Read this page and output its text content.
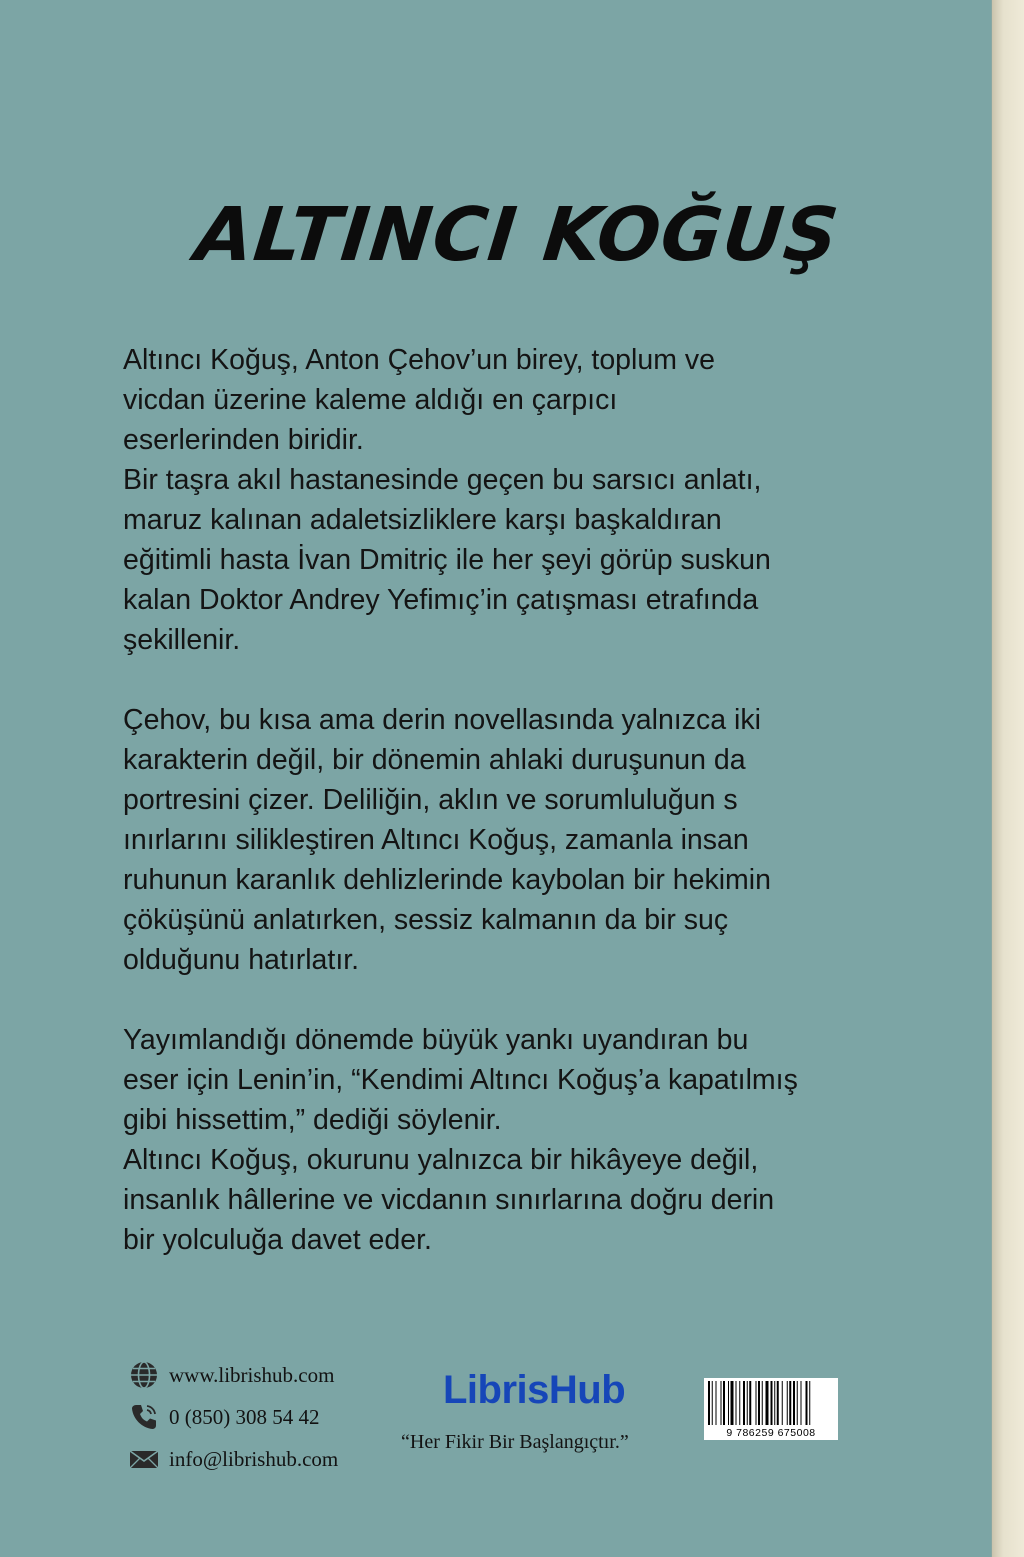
ALTINCI KOĞUŞ

Altıncı Koğuş, Anton Çehov’un birey, toplum ve

vicdan üzerine kaleme aldığı en çarpıcı

eserlerinden biridir.

Bir taşra akıl hastanesinde geçen bu sarsıcı anlatı,

maruz kalınan adaletsizliklere karşı başkaldıran

eğitimli hasta İvan Dmitriç ile her şeyi görüp suskun

kalan Doktor Andrey Yefimıç’in çatışması etrafında

şekillenir.

Çehov, bu kısa ama derin novellasında yalnızca iki

karakterin değil, bir dönemin ahlaki duruşunun da

portresini çizer. Deliliğin, aklın ve sorumluluğun s

ınırlarını silikleştiren Altıncı Koğuş, zamanla insan

ruhunun karanlık dehlizlerinde kaybolan bir hekimin

çöküşünü anlatırken, sessiz kalmanın da bir suç

olduğunu hatırlatır.

Yayımlandığı dönemde büyük yankı uyandıran bu

eser için Lenin’in, “Kendimi Altıncı Koğuş’a kapatılmış

gibi hissettim,” dediği söylenir.

Altıncı Koğuş, okurunu yalnızca bir hikâyeye değil,

insanlık hâllerine ve vicdanın sınırlarına doğru derin

bir yolculuğa davet eder.

www.librishub.com
0 (850) 308 54 42
info@librishub.com
LibrisHub
“Her Fikir Bir Başlangıçtır.”	9 786259 675008
